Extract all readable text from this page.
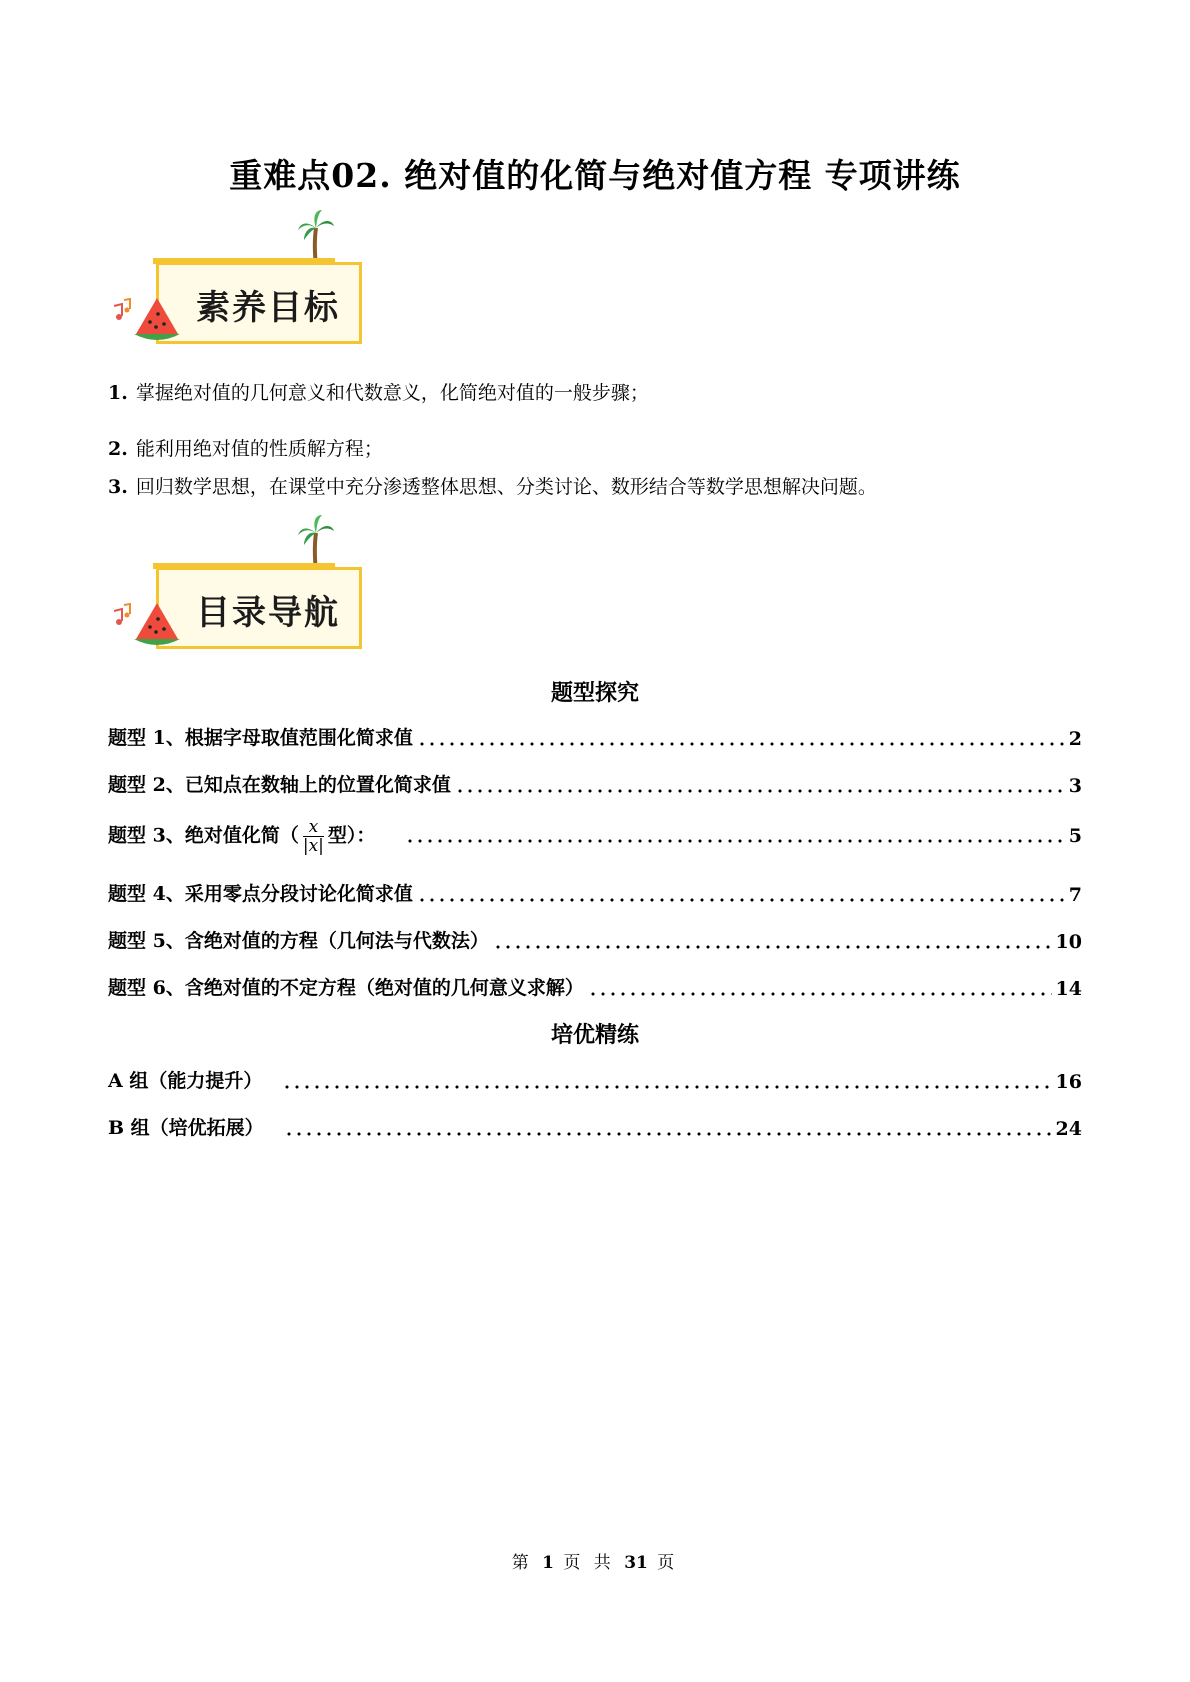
重难点02. 绝对值的化简与绝对值方程 专项讲练
素养目标
1. 掌握绝对值的几何意义和代数意义，化简绝对值的一般步骤；
2. 能利用绝对值的性质解方程；
3. 回归数学思想，在课堂中充分渗透整体思想、分类讨论、数形结合等数学思想解决问题。
目录导航
题型探究
题型 1、根据字母取值范围化简求值	2
题型 2、已知点在数轴上的位置化简求值	3
题型 3、绝对值化简（ $\frac{x}{|x|}$ 型）：	5
题型 4、采用零点分段讨论化简求值	7
题型 5、含绝对值的方程（几何法与代数法）	10
题型 6、含绝对值的不定方程（绝对值的几何意义求解）	14
培优精练
A 组（能力提升）	16
B 组（培优拓展）	24
第 1 页 共 31 页
